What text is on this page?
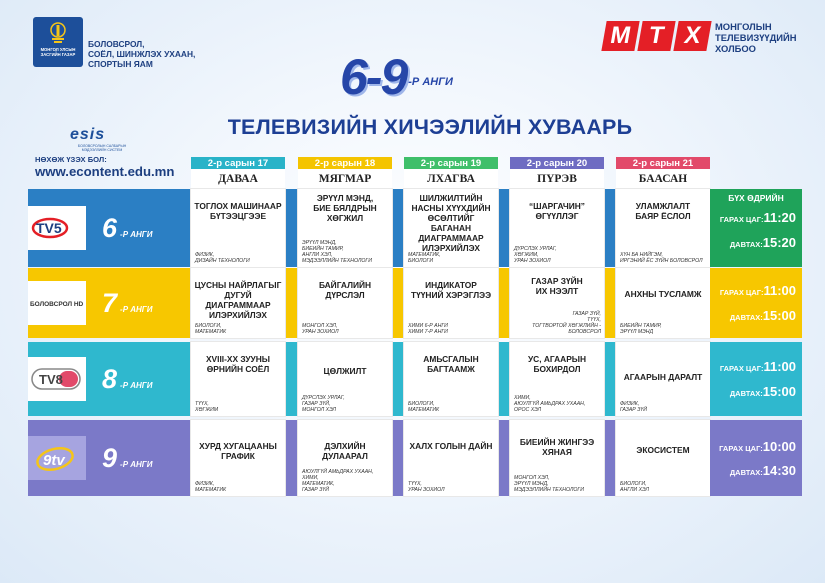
МОНГОЛ УЛСЫН
ЗАСГИЙН ГАЗАР
БОЛОВСРОЛ,
СОЁЛ, ШИНЖЛЭХ УХААН,
СПОРТЫН ЯАМ
М Т Х	МОНГОЛЫН
ТЕЛЕВИЗҮҮДИЙН
ХОЛБОО
6-9 -Р АНГИ
ТЕЛЕВИЗИЙН ХИЧЭЭЛИЙН ХУВААРЬ
esis
БОЛОВСРОЛЫН САЛБАРЫН
МЭДЭЭЛЛИЙН СИСТЕМ
НӨХӨЖ ҮЗЭХ БОЛ:
www.econtent.edu.mn
2-р сарын 17
ДАВАА
2-р сарын 18
МЯГМАР
2-р сарын 19
ЛХАГВА
2-р сарын 20
ПҮРЭВ
2-р сарын 21
БААСАН
TV5 6 -Р АНГИ
ТОГЛОХ МАШИНААР
БҮТЭЭЦГЭЭЕ
ФИЗИК,
ДИЗАЙН ТЕХНОЛОГИ
ЭРҮҮЛ МЭНД,
БИЕ БЯЛДРЫН
ХӨГЖИЛ
ЭРҮҮЛ МЭНД,
БИЕИЙН ТАМИР,
АНГЛИ ХЭЛ,
МЭДЭЭЛЛИЙН ТЕХНОЛОГИ
ШИЛЖИЛТИЙН
НАСНЫ ХҮҮХДИЙН
ӨСӨЛТИЙГ БАГАНАН
ДИАГРАММААР
ИЛЭРХИЙЛЭХ
МАТЕМАТИК,
БИОЛОГИ
“ШАРГАЧИН”
ӨГҮҮЛЛЭГ
ДҮРСЛЭХ УРЛАГ,
ХӨГЖИМ,
УРАН ЗОХИОЛ
УЛАМЖЛАЛТ
БАЯР ЁСЛОЛ
ХҮН БА НИЙГЭМ,
ИРГЭНИЙ ЁС ЗҮЙН БОЛОВСРОЛ
БҮХ ӨДРИЙН
ГАРАХ ЦАГ:11:20
ДАВТАХ:15:20
БОЛОВСРОЛ HD 7 -Р АНГИ
ЦУСНЫ НАЙРЛАГЫГ
ДУГУЙ ДИАГРАММААР
ИЛЭРХИЙЛЭХ
БИОЛОГИ,
МАТЕМАТИК
БАЙГАЛИЙН
ДҮРСЛЭЛ
МОНГОЛ ХЭЛ,
УРАН ЗОХИОЛ
ИНДИКАТОР
ТҮҮНИЙ ХЭРЭГЛЭЭ
ХИМИ 6-Р АНГИ
ХИМИ 7-Р АНГИ
ГАЗАР ЗҮЙН
ИХ НЭЭЛТ
ГАЗАР ЗҮЙ,
ТҮҮХ,
ТОГТВОРТОЙ ХӨГЖЛИЙН -
БОЛОВСРОЛ
АНХНЫ ТУСЛАМЖ
БИЕИЙН ТАМИР,
ЭРҮҮЛ МЭНД
ГАРАХ ЦАГ:11:00
ДАВТАХ:15:00
TV8 8 -Р АНГИ
XVIII-XX ЗУУНЫ
ӨРНИЙН СОЁЛ
ТҮҮХ,
ХӨГЖИМ
ЦӨЛЖИЛТ
ДҮРСЛЭХ УРЛАГ,
ГАЗАР ЗҮЙ,
МОНГОЛ ХЭЛ
АМЬСГАЛЫН
БАГТААМЖ
БИОЛОГИ,
МАТЕМАТИК
УС, АГААРЫН
БОХИРДОЛ
ХИМИ,
АЮУЛГҮЙ АМЬДРАХ УХААН,
ОРОС ХЭЛ
АГААРЫН ДАРАЛТ
ФИЗИК,
ГАЗАР ЗҮЙ
ГАРАХ ЦАГ:11:00
ДАВТАХ:15:00
9tv 9 -Р АНГИ
ХУРД ХУГАЦААНЫ
ГРАФИК
ФИЗИК,
МАТЕМАТИК
ДЭЛХИЙН ДУЛААРАЛ
АЮУЛГҮЙ АМЬДРАХ УХААН,
ХИМИ,
МАТЕМАТИК,
ГАЗАР ЗҮЙ
ХАЛХ ГОЛЫН ДАЙН
ТҮҮХ,
УРАН ЗОХИОЛ
БИЕИЙН ЖИНГЭЭ
ХЯНАЯ
МОНГОЛ ХЭЛ,
ЭРҮҮЛ МЭНД,
МЭДЭЭЛЛИЙН ТЕХНОЛОГИ
ЭКОСИСТЕМ
БИОЛОГИ,
АНГЛИ ХЭЛ
ГАРАХ ЦАГ:10:00
ДАВТАХ:14:30
